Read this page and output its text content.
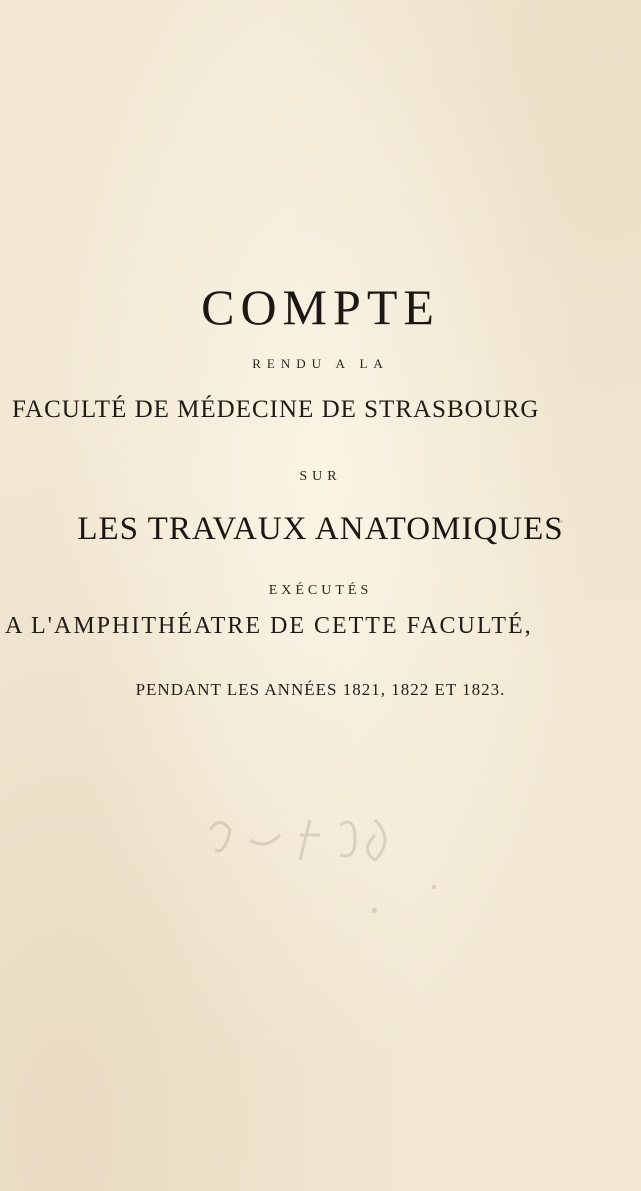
COMPTE
RENDU A LA
FACULTÉ DE MÉDECINE DE STRASBOURG
SUR
LES TRAVAUX ANATOMIQUES
EXÉCUTÉS
A L'AMPHITHÉATRE DE CETTE FACULTÉ,
PENDANT LES ANNÉES 1821, 1822 ET 1823.
